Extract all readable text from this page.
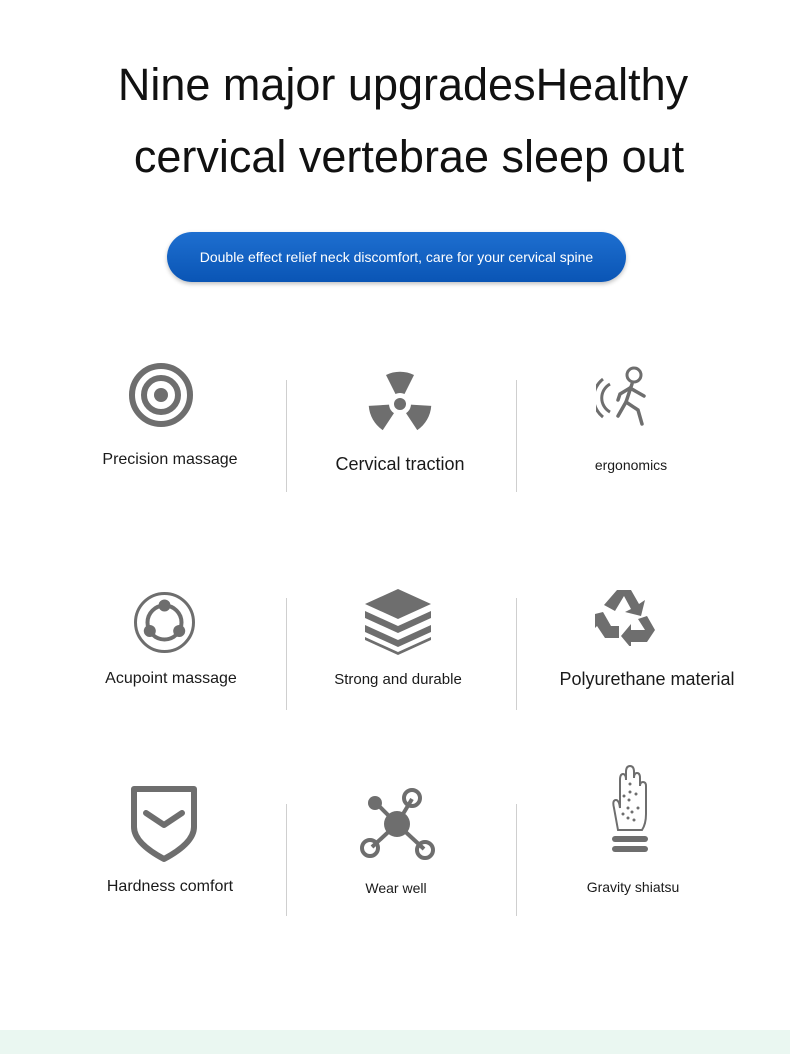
Nine major upgradesHealthy
cervical vertebrae sleep out
Double effect relief neck discomfort, care for your cervical spine
Precision massage	Cervical traction	ergonomics
Acupoint massage	Strong and durable	Polyurethane material
Hardness comfort	Wear well	Gravity shiatsu
